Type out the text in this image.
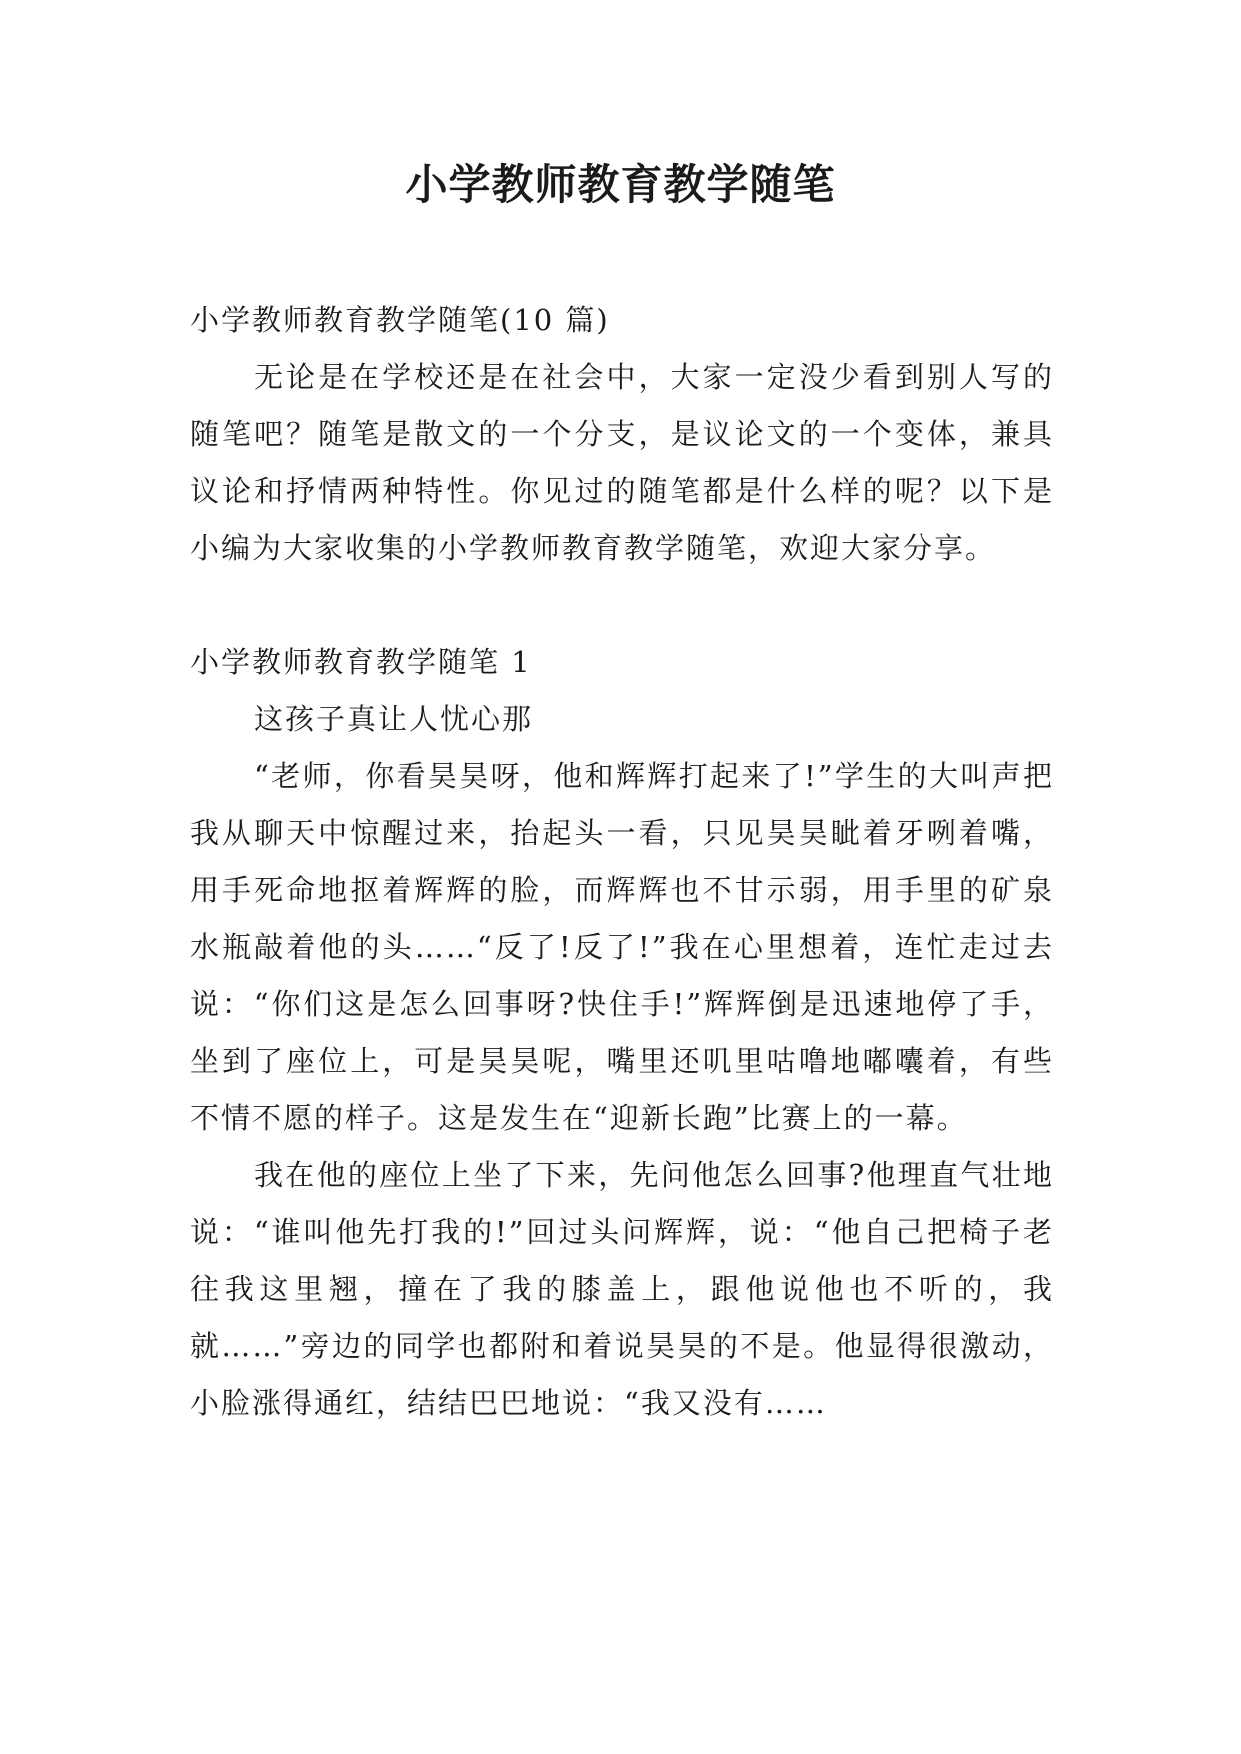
小学教师教育教学随笔

小学教师教育教学随笔(10 篇)

无论是在学校还是在社会中，大家一定没少看到别人写的随笔吧？随笔是散文的一个分支，是议论文的一个变体，兼具议论和抒情两种特性。你见过的随笔都是什么样的呢？以下是小编为大家收集的小学教师教育教学随笔，欢迎大家分享。

小学教师教育教学随笔 1

这孩子真让人忧心那

“老师，你看昊昊呀，他和辉辉打起来了!”学生的大叫声把我从聊天中惊醒过来，抬起头一看，只见昊昊眦着牙咧着嘴，用手死命地抠着辉辉的脸，而辉辉也不甘示弱，用手里的矿泉水瓶敲着他的头……“反了!反了!”我在心里想着，连忙走过去说：“你们这是怎么回事呀?快住手!”辉辉倒是迅速地停了手，坐到了座位上，可是昊昊呢，嘴里还叽里咕噜地嘟囔着，有些不情不愿的样子。这是发生在“迎新长跑”比赛上的一幕。

我在他的座位上坐了下来，先问他怎么回事?他理直气壮地说：“谁叫他先打我的!”回过头问辉辉，说：“他自己把椅子老往我这里翘，撞在了我的膝盖上，跟他说他也不听的，我就……”旁边的同学也都附和着说昊昊的不是。他显得很激动，小脸涨得通红，结结巴巴地说：“我又没有……
